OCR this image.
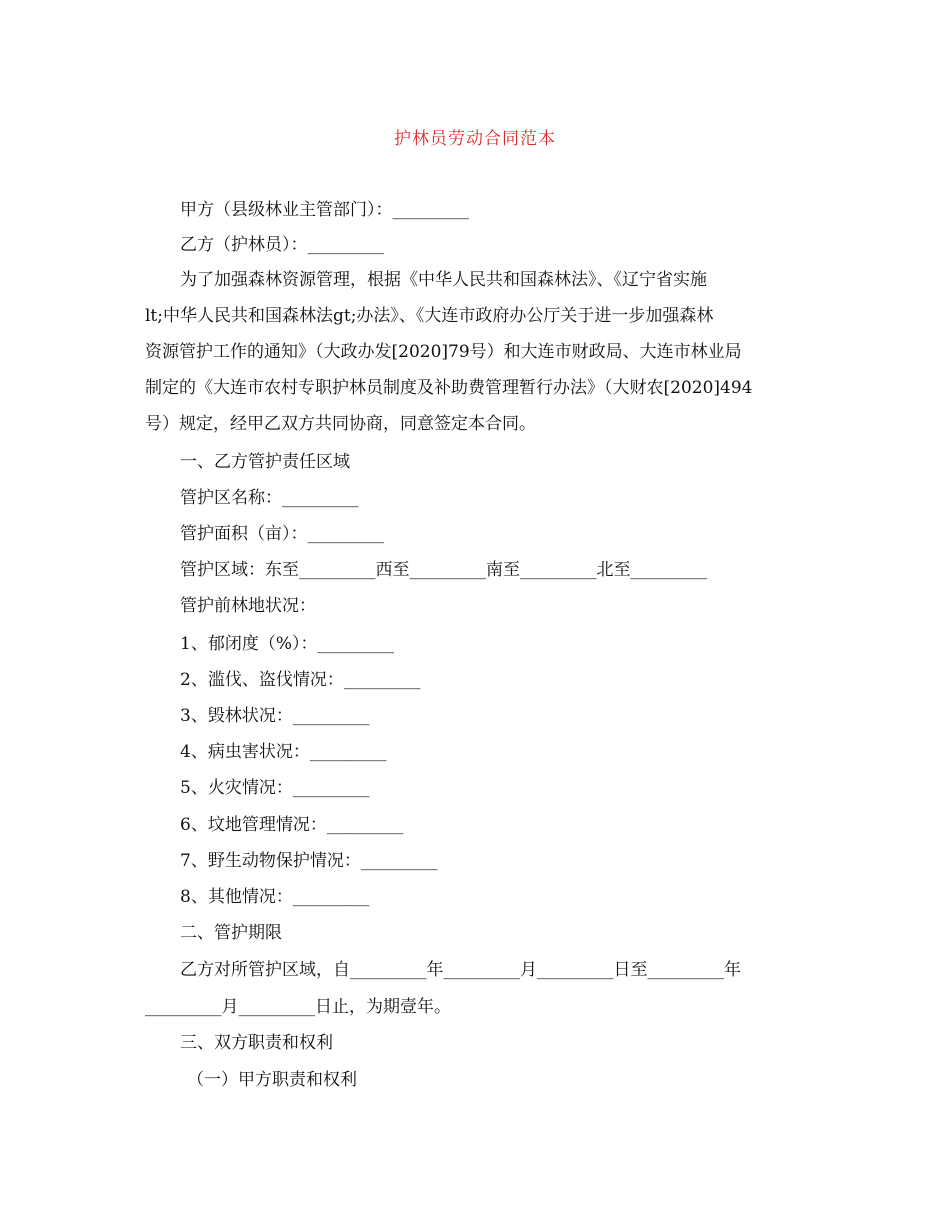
护林员劳动合同范本
甲方（县级林业主管部门）：_________
乙方（护林员）：_________
为了加强森林资源管理，根据《中华人民共和国森林法》、《辽宁省实施
lt;中华人民共和国森林法gt;办法》、《大连市政府办公厅关于进一步加强森林
资源管护工作的通知》（大政办发[2020]79号）和大连市财政局、大连市林业局
制定的《大连市农村专职护林员制度及补助费管理暂行办法》（大财农[2020]494
号）规定，经甲乙双方共同协商，同意签定本合同。
一、乙方管护责任区域
管护区名称：_________
管护面积（亩）：_________
管护区域：东至_________西至_________南至_________北至_________
管护前林地状况：
1、郁闭度（%）：_________
2、滥伐、盗伐情况：_________
3、毁林状况：_________
4、病虫害状况：_________
5、火灾情况：_________
6、坟地管理情况：_________
7、野生动物保护情况：_________
8、其他情况：_________
二、管护期限
乙方对所管护区域，自_________年_________月_________日至_________年
_________月_________日止，为期壹年。
三、双方职责和权利
（一）甲方职责和权利
